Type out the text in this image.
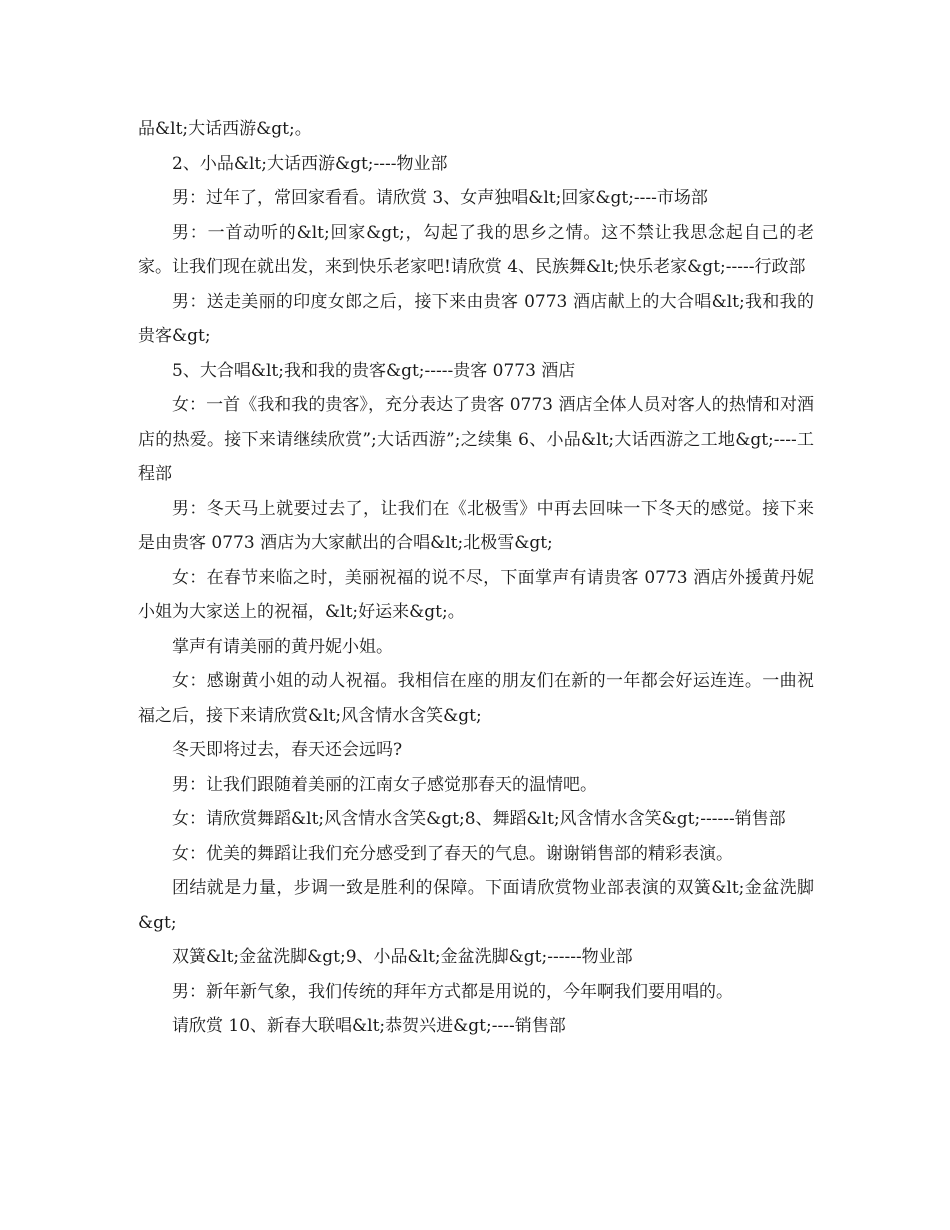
品&lt;大话西游&gt;。

2、小品&lt;大话西游&gt;----物业部

男：过年了，常回家看看。请欣赏 3、女声独唱&lt;回家&gt;----市场部

男：一首动听的&lt;回家&gt;，勾起了我的思乡之情。这不禁让我思念起自己的老家。让我们现在就出发，来到快乐老家吧!请欣赏 4、民族舞&lt;快乐老家&gt;-----行政部

男：送走美丽的印度女郎之后，接下来由贵客 0773 酒店献上的大合唱&lt;我和我的贵客&gt;

5、大合唱&lt;我和我的贵客&gt;-----贵客 0773 酒店

女：一首《我和我的贵客》，充分表达了贵客 0773 酒店全体人员对客人的热情和对酒店的热爱。接下来请继续欣赏”;大话西游”;之续集 6、小品&lt;大话西游之工地&gt;----工程部

男：冬天马上就要过去了，让我们在《北极雪》中再去回味一下冬天的感觉。接下来是由贵客 0773 酒店为大家献出的合唱&lt;北极雪&gt;

女：在春节来临之时，美丽祝福的说不尽，下面掌声有请贵客 0773 酒店外援黄丹妮小姐为大家送上的祝福，&lt;好运来&gt;。

掌声有请美丽的黄丹妮小姐。

女：感谢黄小姐的动人祝福。我相信在座的朋友们在新的一年都会好运连连。一曲祝福之后，接下来请欣赏&lt;风含情水含笑&gt;

冬天即将过去，春天还会远吗?

男：让我们跟随着美丽的江南女子感觉那春天的温情吧。

女：请欣赏舞蹈&lt;风含情水含笑&gt;8、舞蹈&lt;风含情水含笑&gt;------销售部

女：优美的舞蹈让我们充分感受到了春天的气息。谢谢销售部的精彩表演。

团结就是力量，步调一致是胜利的保障。下面请欣赏物业部表演的双簧&lt;金盆洗脚&gt;

双簧&lt;金盆洗脚&gt;9、小品&lt;金盆洗脚&gt;------物业部

男：新年新气象，我们传统的拜年方式都是用说的，今年啊我们要用唱的。

请欣赏 10、新春大联唱&lt;恭贺兴进&gt;----销售部
